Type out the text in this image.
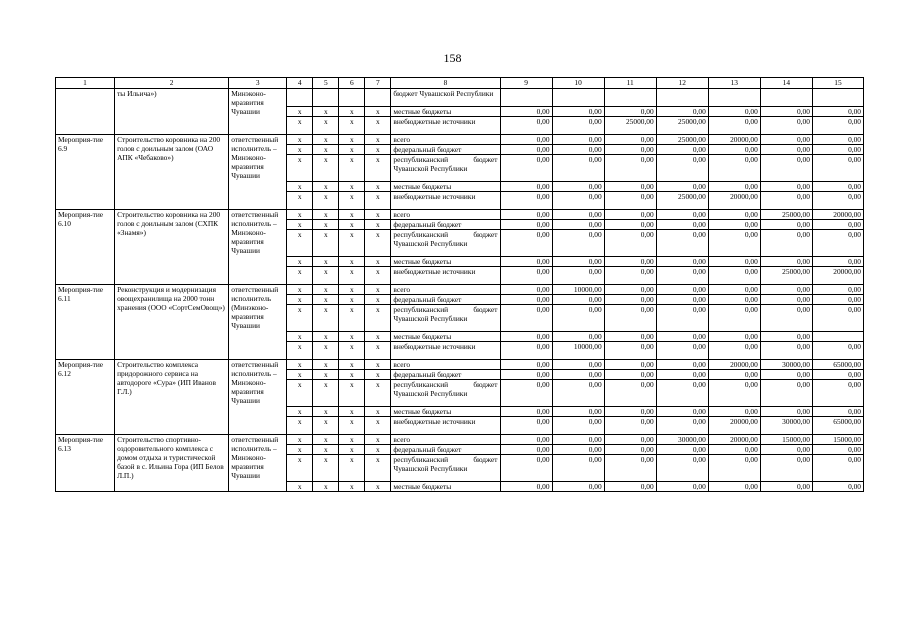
158
1	2	3	4	5	6	7	8	9	10	11	12	13	14	15
	ты Ильича»)	Минэконо-мразвития Чувашии					бюджет Чувашской Республики							
			x	x	x	x	местные бюджеты	0,00	0,00	0,00	0,00	0,00	0,00	0,00
			x	x	x	x	внебюджетные источники	0,00	0,00	25000,00	25000,00	0,00	0,00	0,00
Мероприя-тие 6.9	Строительство коровника на 200 голов с доильным залом (ОАО АПК «Чебаково»)	ответственный исполнитель – Минэконо-мразвития Чувашии	x	x	x	x	всего	0,00	0,00	0,00	25000,00	20000,00	0,00	0,00
			x	x	x	x	федеральный бюджет	0,00	0,00	0,00	0,00	0,00	0,00	0,00
			x	x	x	x	республиканский бюджет Чувашской Республики	0,00	0,00	0,00	0,00	0,00	0,00	0,00
			x	x	x	x	местные бюджеты	0,00	0,00	0,00	0,00	0,00	0,00	0,00
			x	x	x	x	внебюджетные источники	0,00	0,00	0,00	25000,00	20000,00	0,00	0,00
Мероприя-тие 6.10	Строительство коровника на 200 голов с доильным залом (СХПК «Знамя»)	ответственный исполнитель – Минэконо-мразвития Чувашии	x	x	x	x	всего	0,00	0,00	0,00	0,00	0,00	25000,00	20000,00
			x	x	x	x	федеральный бюджет	0,00	0,00	0,00	0,00	0,00	0,00	0,00
			x	x	x	x	республиканский бюджет Чувашской Республики	0,00	0,00	0,00	0,00	0,00	0,00	0,00
			x	x	x	x	местные бюджеты	0,00	0,00	0,00	0,00	0,00	0,00	0,00
			x	x	x	x	внебюджетные источники	0,00	0,00	0,00	0,00	0,00	25000,00	20000,00
Мероприя-тие 6.11	Реконструкция и модернизация овощехранилища на 2000 тонн хранения (ООО «СортСемОвощ»)	ответственный исполнитель (Минэконо-мразвития Чувашии	x	x	x	x	всего	0,00	10000,00	0,00	0,00	0,00	0,00	0,00
			x	x	x	x	федеральный бюджет	0,00	0,00	0,00	0,00	0,00	0,00	0,00
			x	x	x	x	республиканский бюджет Чувашской Республики	0,00	0,00	0,00	0,00	0,00	0,00	0,00
			x	x	x	x	местные бюджеты	0,00	0,00	0,00	0,00	0,00	0,00	
			x	x	x	x	внебюджетные источники	0,00	10000,00	0,00	0,00	0,00	0,00	0,00
Мероприя-тие 6.12	Строительство комплекса придорожного сервиса на автодороге «Сура» (ИП Иванов Г.Л.)	ответственный исполнитель – Минэконо-мразвития Чувашии	x	x	x	x	всего	0,00	0,00	0,00	0,00	20000,00	30000,00	65000,00
			x	x	x	x	федеральный бюджет	0,00	0,00	0,00	0,00	0,00	0,00	0,00
			x	x	x	x	республиканский бюджет Чувашской Республики	0,00	0,00	0,00	0,00	0,00	0,00	0,00
			x	x	x	x	местные бюджеты	0,00	0,00	0,00	0,00	0,00	0,00	0,00
			x	x	x	x	внебюджетные источники	0,00	0,00	0,00	0,00	20000,00	30000,00	65000,00
Мероприя-тие 6.13	Строительство спортивно-оздоровительного комплекса с домом отдыха и туристической базой в с. Ильина Гора (ИП Белов Л.П.)	ответственный исполнитель – Минэконо-мразвития Чувашии	x	x	x	x	всего	0,00	0,00	0,00	30000,00	20000,00	15000,00	15000,00
			x	x	x	x	федеральный бюджет	0,00	0,00	0,00	0,00	0,00	0,00	0,00
			x	x	x	x	республиканский бюджет Чувашской Республики	0,00	0,00	0,00	0,00	0,00	0,00	0,00
			x	x	x	x	местные бюджеты	0,00	0,00	0,00	0,00	0,00	0,00	0,00
